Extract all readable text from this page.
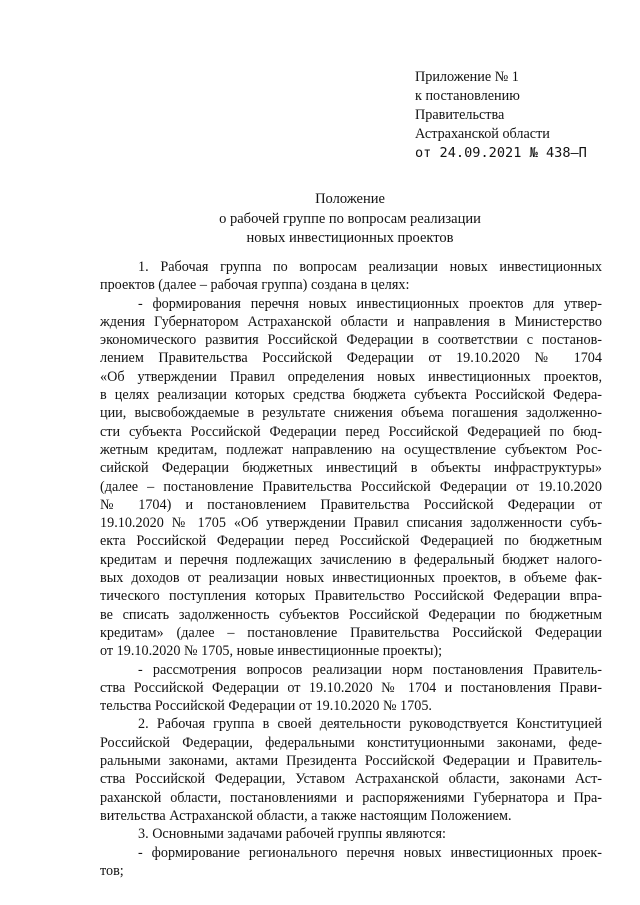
Приложение № 1
к постановлению
Правительства
Астраханской области
от 24.09.2021 № 438–П
Положение
о рабочей группе по вопросам реализации
новых инвестиционных проектов
1. Рабочая группа по вопросам реализации новых инвестиционных
проектов (далее – рабочая группа) создана в целях:
- формирования перечня новых инвестиционных проектов для утвер-
ждения Губернатором Астраханской области и направления в Министерство
экономического развития Российской Федерации в соответствии с постанов-
лением Правительства Российской Федерации от 19.10.2020 № 1704
«Об утверждении Правил определения новых инвестиционных проектов,
в целях реализации которых средства бюджета субъекта Российской Федера-
ции, высвобождаемые в результате снижения объема погашения задолженно-
сти субъекта Российской Федерации перед Российской Федерацией по бюд-
жетным кредитам, подлежат направлению на осуществление субъектом Рос-
сийской Федерации бюджетных инвестиций в объекты инфраструктуры»
(далее – постановление Правительства Российской Федерации от 19.10.2020
№ 1704) и постановлением Правительства Российской Федерации от
19.10.2020 № 1705 «Об утверждении Правил списания задолженности субъ-
екта Российской Федерации перед Российской Федерацией по бюджетным
кредитам и перечня подлежащих зачислению в федеральный бюджет налого-
вых доходов от реализации новых инвестиционных проектов, в объеме фак-
тического поступления которых Правительство Российской Федерации впра-
ве списать задолженность субъектов Российской Федерации по бюджетным
кредитам» (далее – постановление Правительства Российской Федерации
от 19.10.2020 № 1705, новые инвестиционные проекты);
- рассмотрения вопросов реализации норм постановления Правитель-
ства Российской Федерации от 19.10.2020 № 1704 и постановления Прави-
тельства Российской Федерации от 19.10.2020 № 1705.
2. Рабочая группа в своей деятельности руководствуется Конституцией
Российской Федерации, федеральными конституционными законами, феде-
ральными законами, актами Президента Российской Федерации и Правитель-
ства Российской Федерации, Уставом Астраханской области, законами Аст-
раханской области, постановлениями и распоряжениями Губернатора и Пра-
вительства Астраханской области, а также настоящим Положением.
3. Основными задачами рабочей группы являются:
- формирование регионального перечня новых инвестиционных проек-
тов;
